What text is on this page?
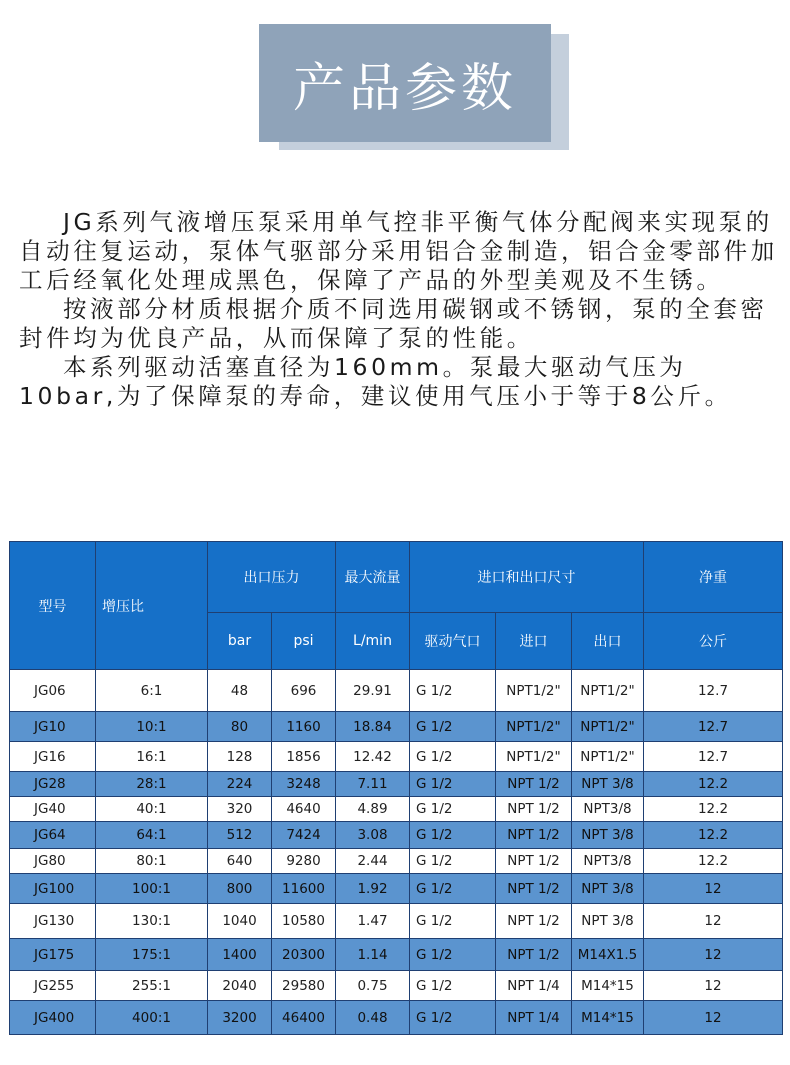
产品参数

JG系列气液增压泵采用单气控非平衡气体分配阀来实现泵的自动往复运动，泵体气驱部分采用铝合金制造，铝合金零部件加工后经氧化处理成黑色，保障了产品的外型美观及不生锈。

按液部分材质根据介质不同选用碳钢或不锈钢，泵的全套密封件均为优良产品，从而保障了泵的性能。

本系列驱动活塞直径为160mm。泵最大驱动气压为10bar,为了保障泵的寿命，建议使用气压小于等于8公斤。

型号	增压比	出口压力		最大流量	进口和出口尺寸			净重
		bar	psi	L/min	驱动气口	进口	出口	公斤
JG06	6:1	48	696	29.91	G 1/2	NPT1/2"	NPT1/2"	12.7
JG10	10:1	80	1160	18.84	G 1/2	NPT1/2"	NPT1/2"	12.7
JG16	16:1	128	1856	12.42	G 1/2	NPT1/2"	NPT1/2"	12.7
JG28	28:1	224	3248	7.11	G 1/2	NPT 1/2	NPT 3/8	12.2
JG40	40:1	320	4640	4.89	G 1/2	NPT 1/2	NPT3/8	12.2
JG64	64:1	512	7424	3.08	G 1/2	NPT 1/2	NPT 3/8	12.2
JG80	80:1	640	9280	2.44	G 1/2	NPT 1/2	NPT3/8	12.2
JG100	100:1	800	11600	1.92	G 1/2	NPT 1/2	NPT 3/8	12
JG130	130:1	1040	10580	1.47	G 1/2	NPT 1/2	NPT 3/8	12
JG175	175:1	1400	20300	1.14	G 1/2	NPT 1/2	M14X1.5	12
JG255	255:1	2040	29580	0.75	G 1/2	NPT 1/4	M14*15	12
JG400	400:1	3200	46400	0.48	G 1/2	NPT 1/4	M14*15	12
